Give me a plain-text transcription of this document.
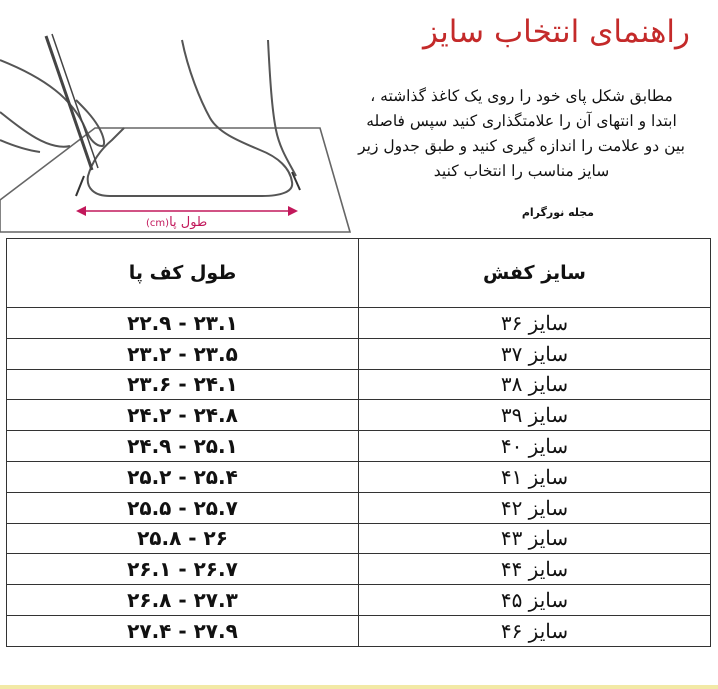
طول پا(cm)
راهنمای انتخاب سایز
مطابق شکل پای خود را روی یک کاغذ گذاشته ،
ابتدا و انتهای آن را علامتگذاری کنید سپس فاصله
بین دو علامت را اندازه گیری کنید و طبق جدول زیر
سایز مناسب را انتخاب کنید
مجله نورگرام
سایز کفش	طول کف پا
سایز ۳۶	۲۲.۹ - ۲۳.۱
سایز ۳۷	۲۳.۲ - ۲۳.۵
سایز ۳۸	۲۳.۶ - ۲۴.۱
سایز ۳۹	۲۴.۲ - ۲۴.۸
سایز ۴۰	۲۴.۹ - ۲۵.۱
سایز ۴۱	۲۵.۲ - ۲۵.۴
سایز ۴۲	۲۵.۵ - ۲۵.۷
سایز ۴۳	۲۵.۸ - ۲۶
سایز ۴۴	۲۶.۱ - ۲۶.۷
سایز ۴۵	۲۶.۸ - ۲۷.۳
سایز ۴۶	۲۷.۴ - ۲۷.۹
